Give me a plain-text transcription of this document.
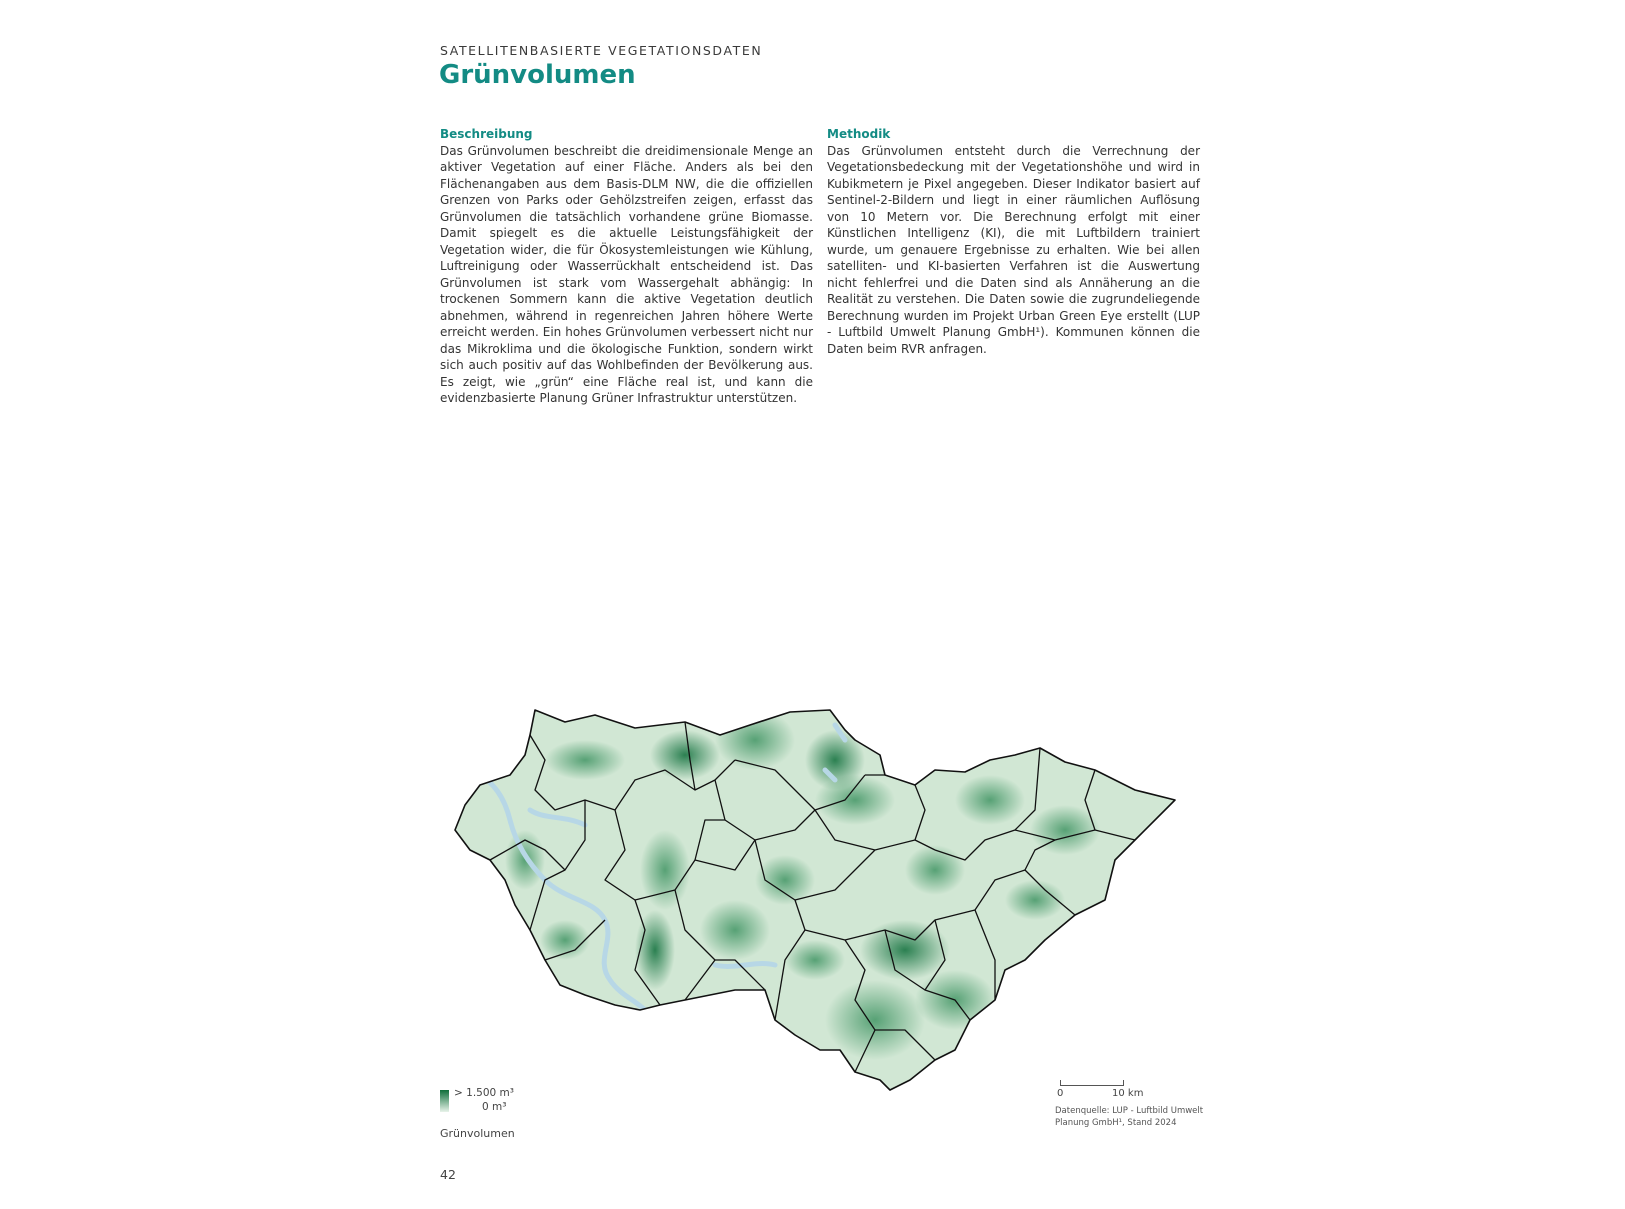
SATELLITENBASIERTE VEGETATIONSDATEN
Grünvolumen
Beschreibung

Das Grünvolumen beschreibt die dreidimensionale Menge an aktiver Vegetation auf einer Fläche. Anders als bei den Flächenangaben aus dem Basis-DLM NW, die die offiziellen Grenzen von Parks oder Gehölzstreifen zeigen, erfasst das Grünvolumen die tatsächlich vorhandene grüne Biomasse. Damit spiegelt es die aktuelle Leistungsfähigkeit der Vegetation wider, die für Ökosystemleistungen wie Kühlung, Luftreinigung oder Wasserrückhalt entscheidend ist. Das Grünvolumen ist stark vom Wassergehalt abhängig: In trockenen Sommern kann die aktive Vegetation deutlich abnehmen, während in regenreichen Jahren höhere Werte erreicht werden. Ein hohes Grünvolumen verbessert nicht nur das Mikroklima und die ökologische Funktion, sondern wirkt sich auch positiv auf das Wohlbefinden der Bevölkerung aus. Es zeigt, wie „grün“ eine Fläche real ist, und kann die evidenzbasierte Planung Grüner Infrastruktur unterstützen.

Methodik

Das Grünvolumen entsteht durch die Verrechnung der Vegetationsbedeckung mit der Vegetationshöhe und wird in Kubikmetern je Pixel angegeben. Dieser Indikator basiert auf Sentinel-2-Bildern und liegt in einer räumlichen Auflösung von 10 Metern vor. Die Berechnung erfolgt mit einer Künstlichen Intelligenz (KI), die mit Luftbildern trainiert wurde, um genauere Ergebnisse zu erhalten. Wie bei allen satelliten- und KI-basierten Verfahren ist die Auswertung nicht fehlerfrei und die Daten sind als Annäherung an die Realität zu verstehen. Die Daten sowie die zugrundeliegende Berechnung wurden im Projekt Urban Green Eye erstellt (LUP - Luftbild Umwelt Planung GmbH¹). Kommunen können die Daten beim RVR anfragen.

> 1.500 m³
0 m³
Grünvolumen
0	10 km
Datenquelle: LUP - Luftbild Umwelt Planung GmbH¹, Stand 2024
42
